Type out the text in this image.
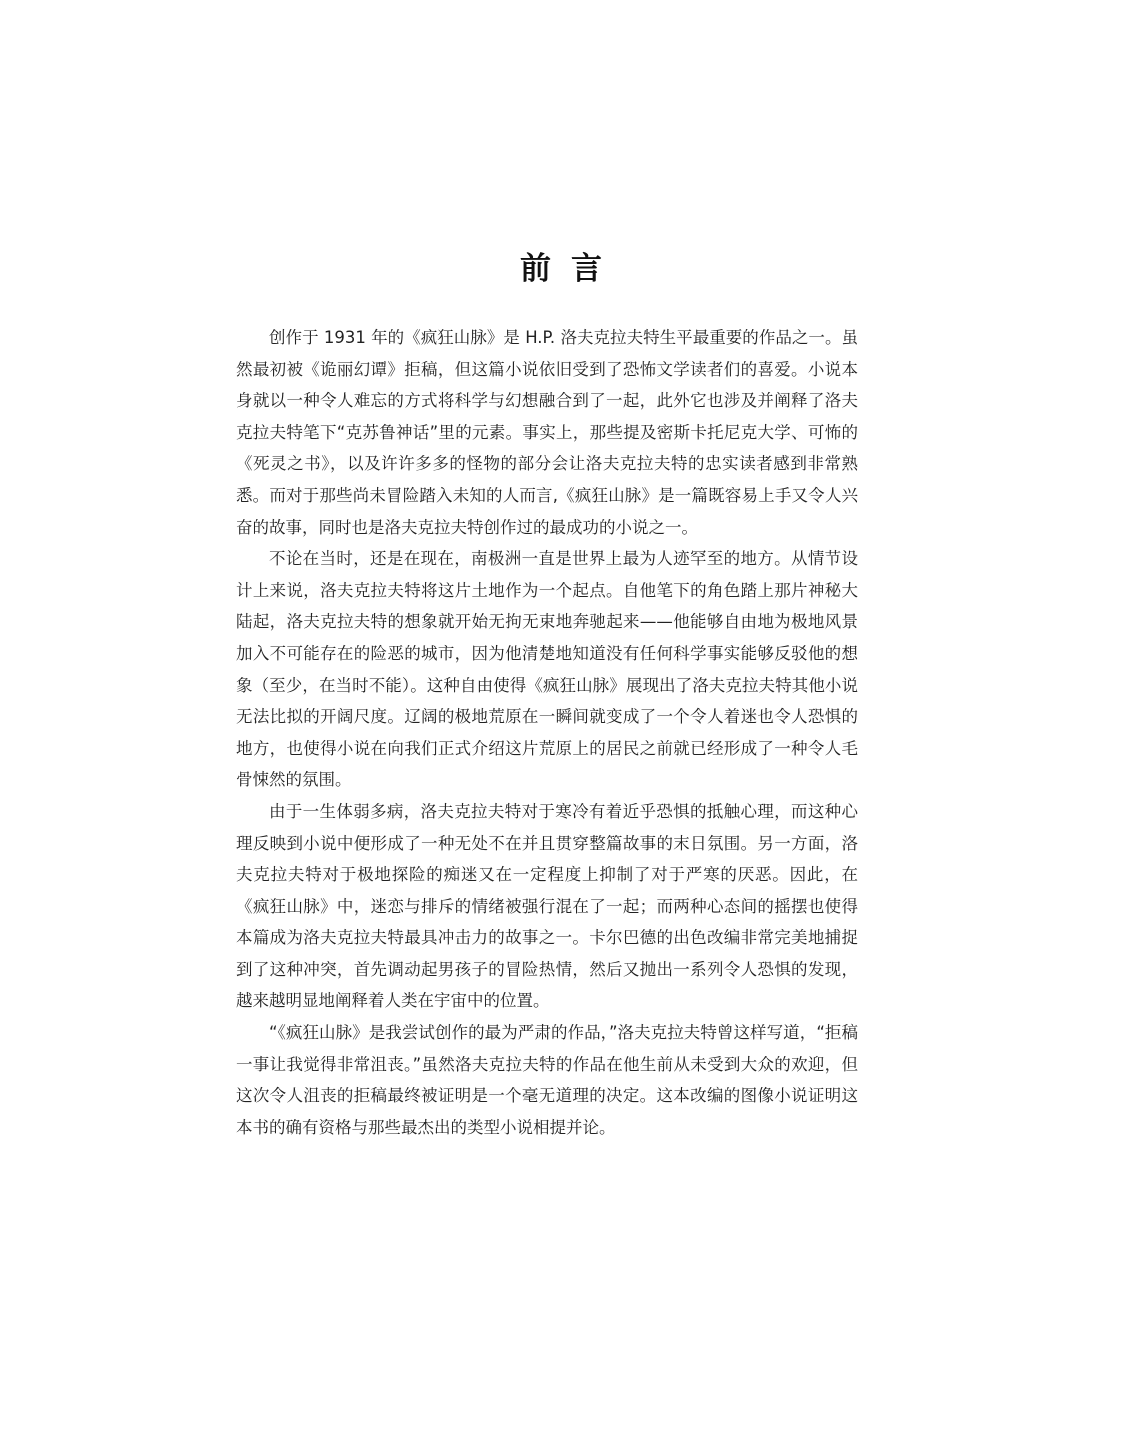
前言

创作于 1931 年的《疯狂山脉》是 H.P. 洛夫克拉夫特生平最重要的作品之一。虽然最初被《诡丽幻谭》拒稿，但这篇小说依旧受到了恐怖文学读者们的喜爱。小说本身就以一种令人难忘的方式将科学与幻想融合到了一起，此外它也涉及并阐释了洛夫克拉夫特笔下“克苏鲁神话”里的元素。事实上，那些提及密斯卡托尼克大学、可怖的《死灵之书》，以及许许多多的怪物的部分会让洛夫克拉夫特的忠实读者感到非常熟悉。而对于那些尚未冒险踏入未知的人而言,《疯狂山脉》是一篇既容易上手又令人兴奋的故事，同时也是洛夫克拉夫特创作过的最成功的小说之一。

不论在当时，还是在现在，南极洲一直是世界上最为人迹罕至的地方。从情节设计上来说，洛夫克拉夫特将这片土地作为一个起点。自他笔下的角色踏上那片神秘大陆起，洛夫克拉夫特的想象就开始无拘无束地奔驰起来——他能够自由地为极地风景加入不可能存在的险恶的城市，因为他清楚地知道没有任何科学事实能够反驳他的想象（至少，在当时不能）。这种自由使得《疯狂山脉》展现出了洛夫克拉夫特其他小说无法比拟的开阔尺度。辽阔的极地荒原在一瞬间就变成了一个令人着迷也令人恐惧的地方，也使得小说在向我们正式介绍这片荒原上的居民之前就已经形成了一种令人毛骨悚然的氛围。

由于一生体弱多病，洛夫克拉夫特对于寒冷有着近乎恐惧的抵触心理，而这种心理反映到小说中便形成了一种无处不在并且贯穿整篇故事的末日氛围。另一方面，洛夫克拉夫特对于极地探险的痴迷又在一定程度上抑制了对于严寒的厌恶。因此，在《疯狂山脉》中，迷恋与排斥的情绪被强行混在了一起；而两种心态间的摇摆也使得本篇成为洛夫克拉夫特最具冲击力的故事之一。卡尔巴德的出色改编非常完美地捕捉到了这种冲突，首先调动起男孩子的冒险热情，然后又抛出一系列令人恐惧的发现，越来越明显地阐释着人类在宇宙中的位置。

“《疯狂山脉》是我尝试创作的最为严肃的作品，”洛夫克拉夫特曾这样写道，“拒稿一事让我觉得非常沮丧。”虽然洛夫克拉夫特的作品在他生前从未受到大众的欢迎，但这次令人沮丧的拒稿最终被证明是一个毫无道理的决定。这本改编的图像小说证明这本书的确有资格与那些最杰出的类型小说相提并论。
